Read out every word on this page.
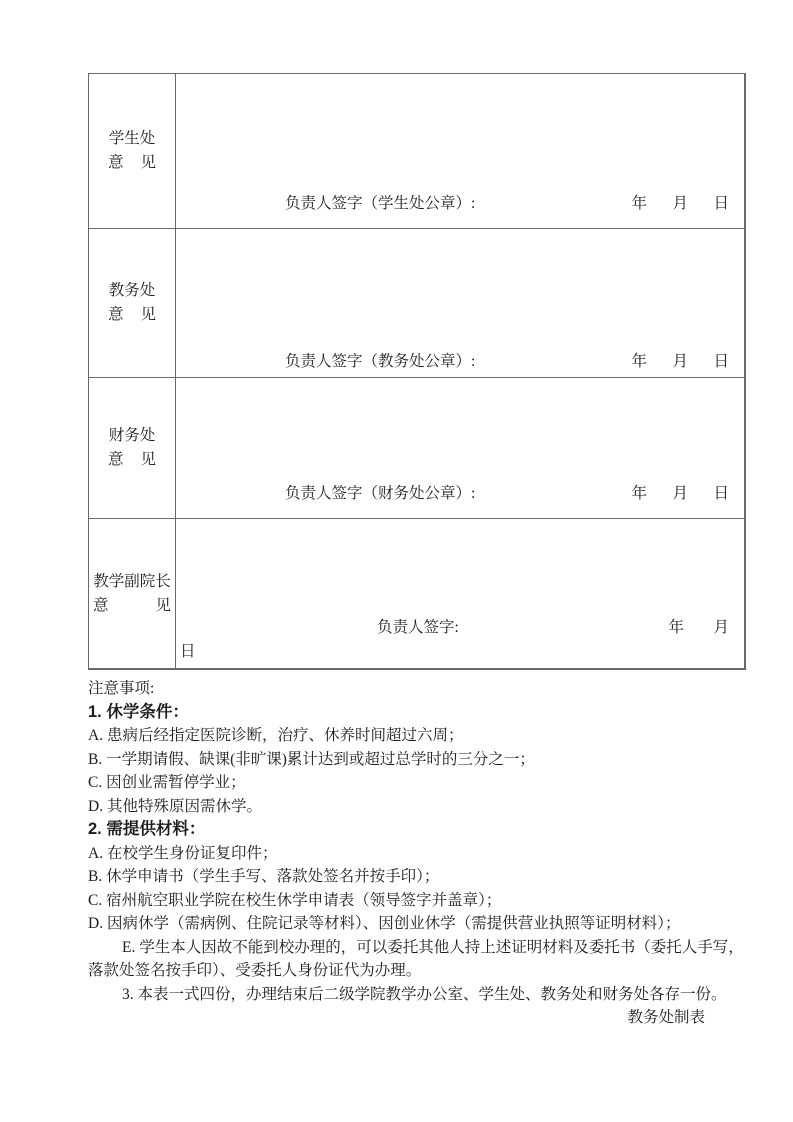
学生处
意 见
负责人签字（学生处公章）:	年　月　日
教务处
意 见
负责人签字（教务处公章）:	年　月　日
财务处
意 见
负责人签字（财务处公章）:	年　月　日
教学副院长
意	见
负责人签字:	年　月
日

注意事项:

1. 休学条件：

A. 患病后经指定医院诊断，治疗、休养时间超过六周；

B. 一学期请假、缺课(非旷课)累计达到或超过总学时的三分之一；

C. 因创业需暂停学业；

D. 其他特殊原因需休学。

2. 需提供材料：

A. 在校学生身份证复印件；

B. 休学申请书（学生手写、落款处签名并按手印）；

C. 宿州航空职业学院在校生休学申请表（领导签字并盖章）；

D. 因病休学（需病例、住院记录等材料）、因创业休学（需提供营业执照等证明材料）；

E. 学生本人因故不能到校办理的，可以委托其他人持上述证明材料及委托书（委托人手写，落款处签名按手印）、受委托人身份证代为办理。

3. 本表一式四份，办理结束后二级学院教学办公室、学生处、教务处和财务处各存一份。

教务处制表
